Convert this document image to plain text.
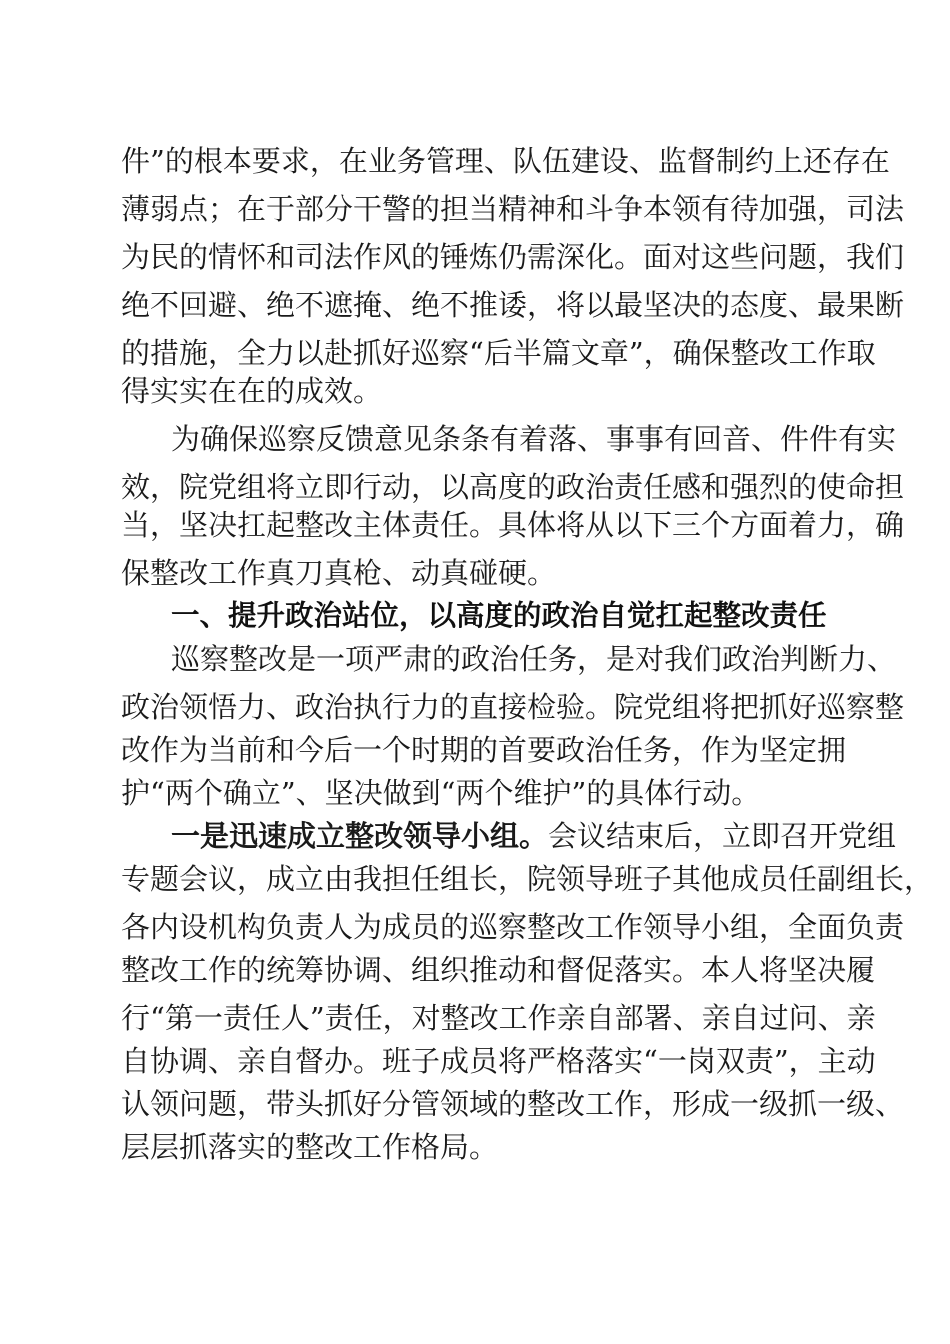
件”的根本要求，在业务管理、队伍建设、监督制约上还存在
薄弱点；在于部分干警的担当精神和斗争本领有待加强，司法
为民的情怀和司法作风的锤炼仍需深化。面对这些问题，我们
绝不回避、绝不遮掩、绝不推诿，将以最坚决的态度、最果断
的措施，全力以赴抓好巡察“后半篇文章”，确保整改工作取
得实实在在的成效。
为确保巡察反馈意见条条有着落、事事有回音、件件有实
效，院党组将立即行动，以高度的政治责任感和强烈的使命担
当，坚决扛起整改主体责任。具体将从以下三个方面着力，确
保整改工作真刀真枪、动真碰硬。
一、提升政治站位，以高度的政治自觉扛起整改责任
巡察整改是一项严肃的政治任务，是对我们政治判断力、
政治领悟力、政治执行力的直接检验。院党组将把抓好巡察整
改作为当前和今后一个时期的首要政治任务，作为坚定拥
护“两个确立”、坚决做到“两个维护”的具体行动。
一是迅速成立整改领导小组。会议结束后，立即召开党组
专题会议，成立由我担任组长，院领导班子其他成员任副组长，
各内设机构负责人为成员的巡察整改工作领导小组，全面负责
整改工作的统筹协调、组织推动和督促落实。本人将坚决履
行“第一责任人”责任，对整改工作亲自部署、亲自过问、亲
自协调、亲自督办。班子成员将严格落实“一岗双责”，主动
认领问题，带头抓好分管领域的整改工作，形成一级抓一级、
层层抓落实的整改工作格局。
